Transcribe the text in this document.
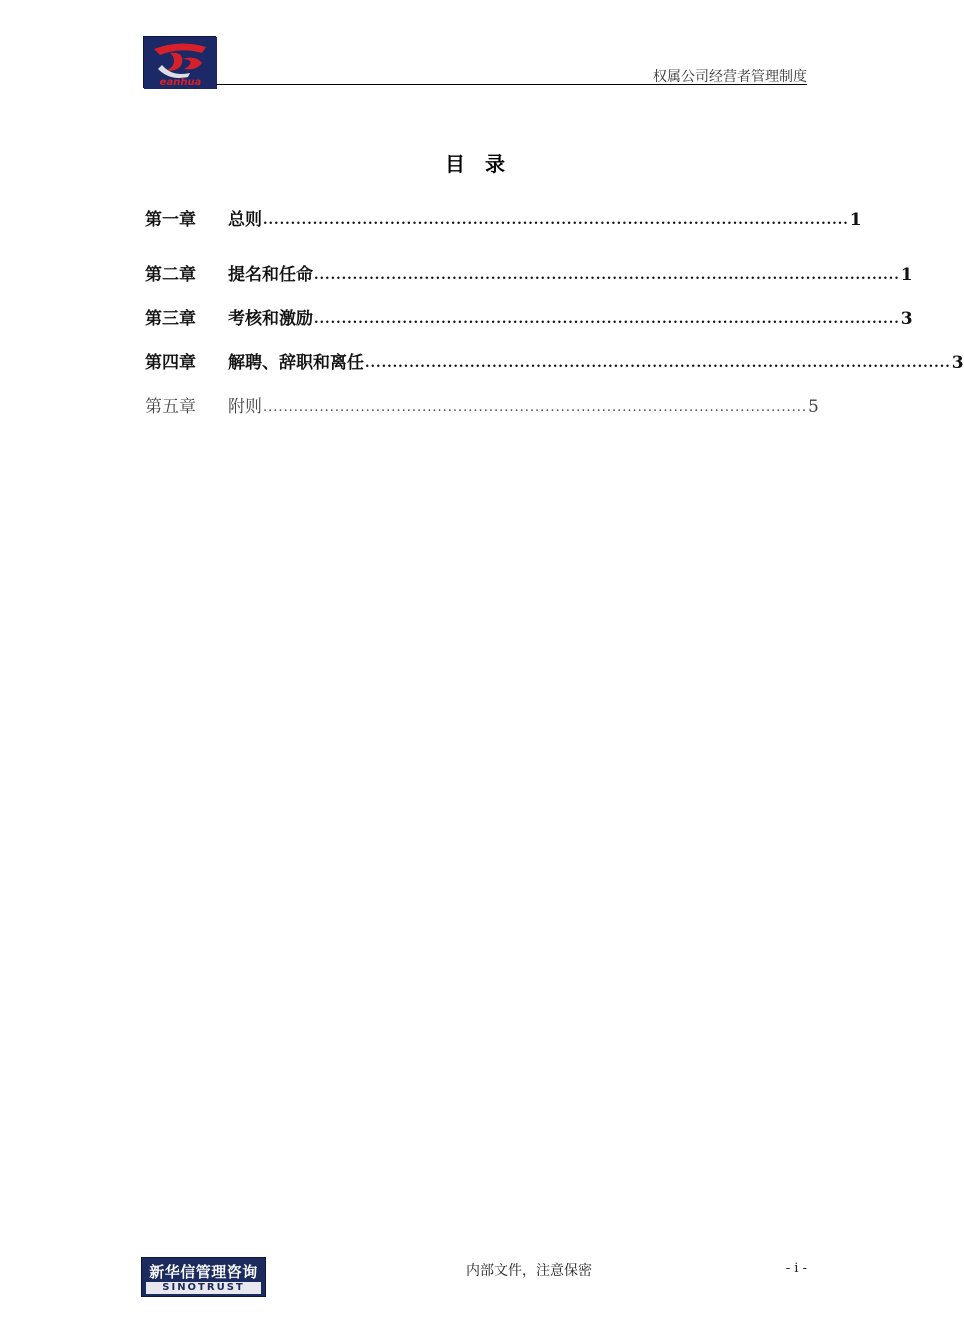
eanhua	权属公司经营者管理制度
目 录
第一章	总则 .......................................................................................................... 1
第二章	提名和任命 .......................................................................................................... 1
第三章	考核和激励 .......................................................................................................... 3
第四章	解聘、辞职和离任 .......................................................................................................... 3
第五章	附则 .......................................................................................................... 5
新华信管理咨询
SINOTRUST
内部文件，注意保密	- i -
